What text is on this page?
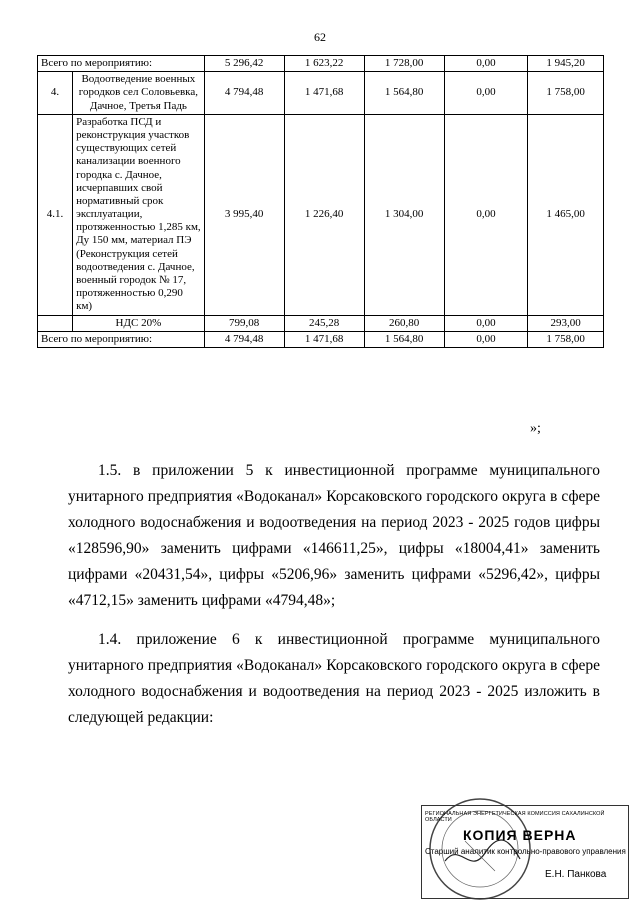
62
Всего по мероприятию:		5 296,42	1 623,22	1 728,00	0,00	1 945,20
4.	Водоотведение военных городков сел Соловьевка, Дачное, Третья Падь	4 794,48	1 471,68	1 564,80	0,00	1 758,00
4.1.	Разработка ПСД и реконструкция участков существующих сетей канализации военного городка с. Дачное, исчерпавших свой нормативный срок эксплуатации, протяженностью 1,285 км, Ду 150 мм, материал ПЭ (Реконструкция сетей водоотведения с. Дачное, военный городок № 17, протяженностью 0,290 км)	3 995,40	1 226,40	1 304,00	0,00	1 465,00
	НДС 20%	799,08	245,28	260,80	0,00	293,00
Всего по мероприятию:		4 794,48	1 471,68	1 564,80	0,00	1 758,00
»;
1.5. в приложении 5 к инвестиционной программе муниципального унитарного предприятия «Водоканал» Корсаковского городского округа в сфере холодного водоснабжения и водоотведения на период 2023 - 2025 годов цифры «128596,90» заменить цифрами «146611,25», цифры «18004,41» заменить цифрами «20431,54», цифры «5206,96» заменить цифрами «5296,42», цифры «4712,15» заменить цифрами «4794,48»;
1.4. приложение 6 к инвестиционной программе муниципального унитарного предприятия «Водоканал» Корсаковского городского округа в сфере холодного водоснабжения и водоотведения на период 2023 - 2025 изложить в следующей редакции:
РЕГИОНАЛЬНАЯ ЭНЕРГЕТИЧЕСКАЯ КОМИССИЯ САХАЛИНСКОЙ ОБЛАСТИ
КОПИЯ ВЕРНА
Старший аналитик контрольно-правового управления
Е.Н. Панкова
